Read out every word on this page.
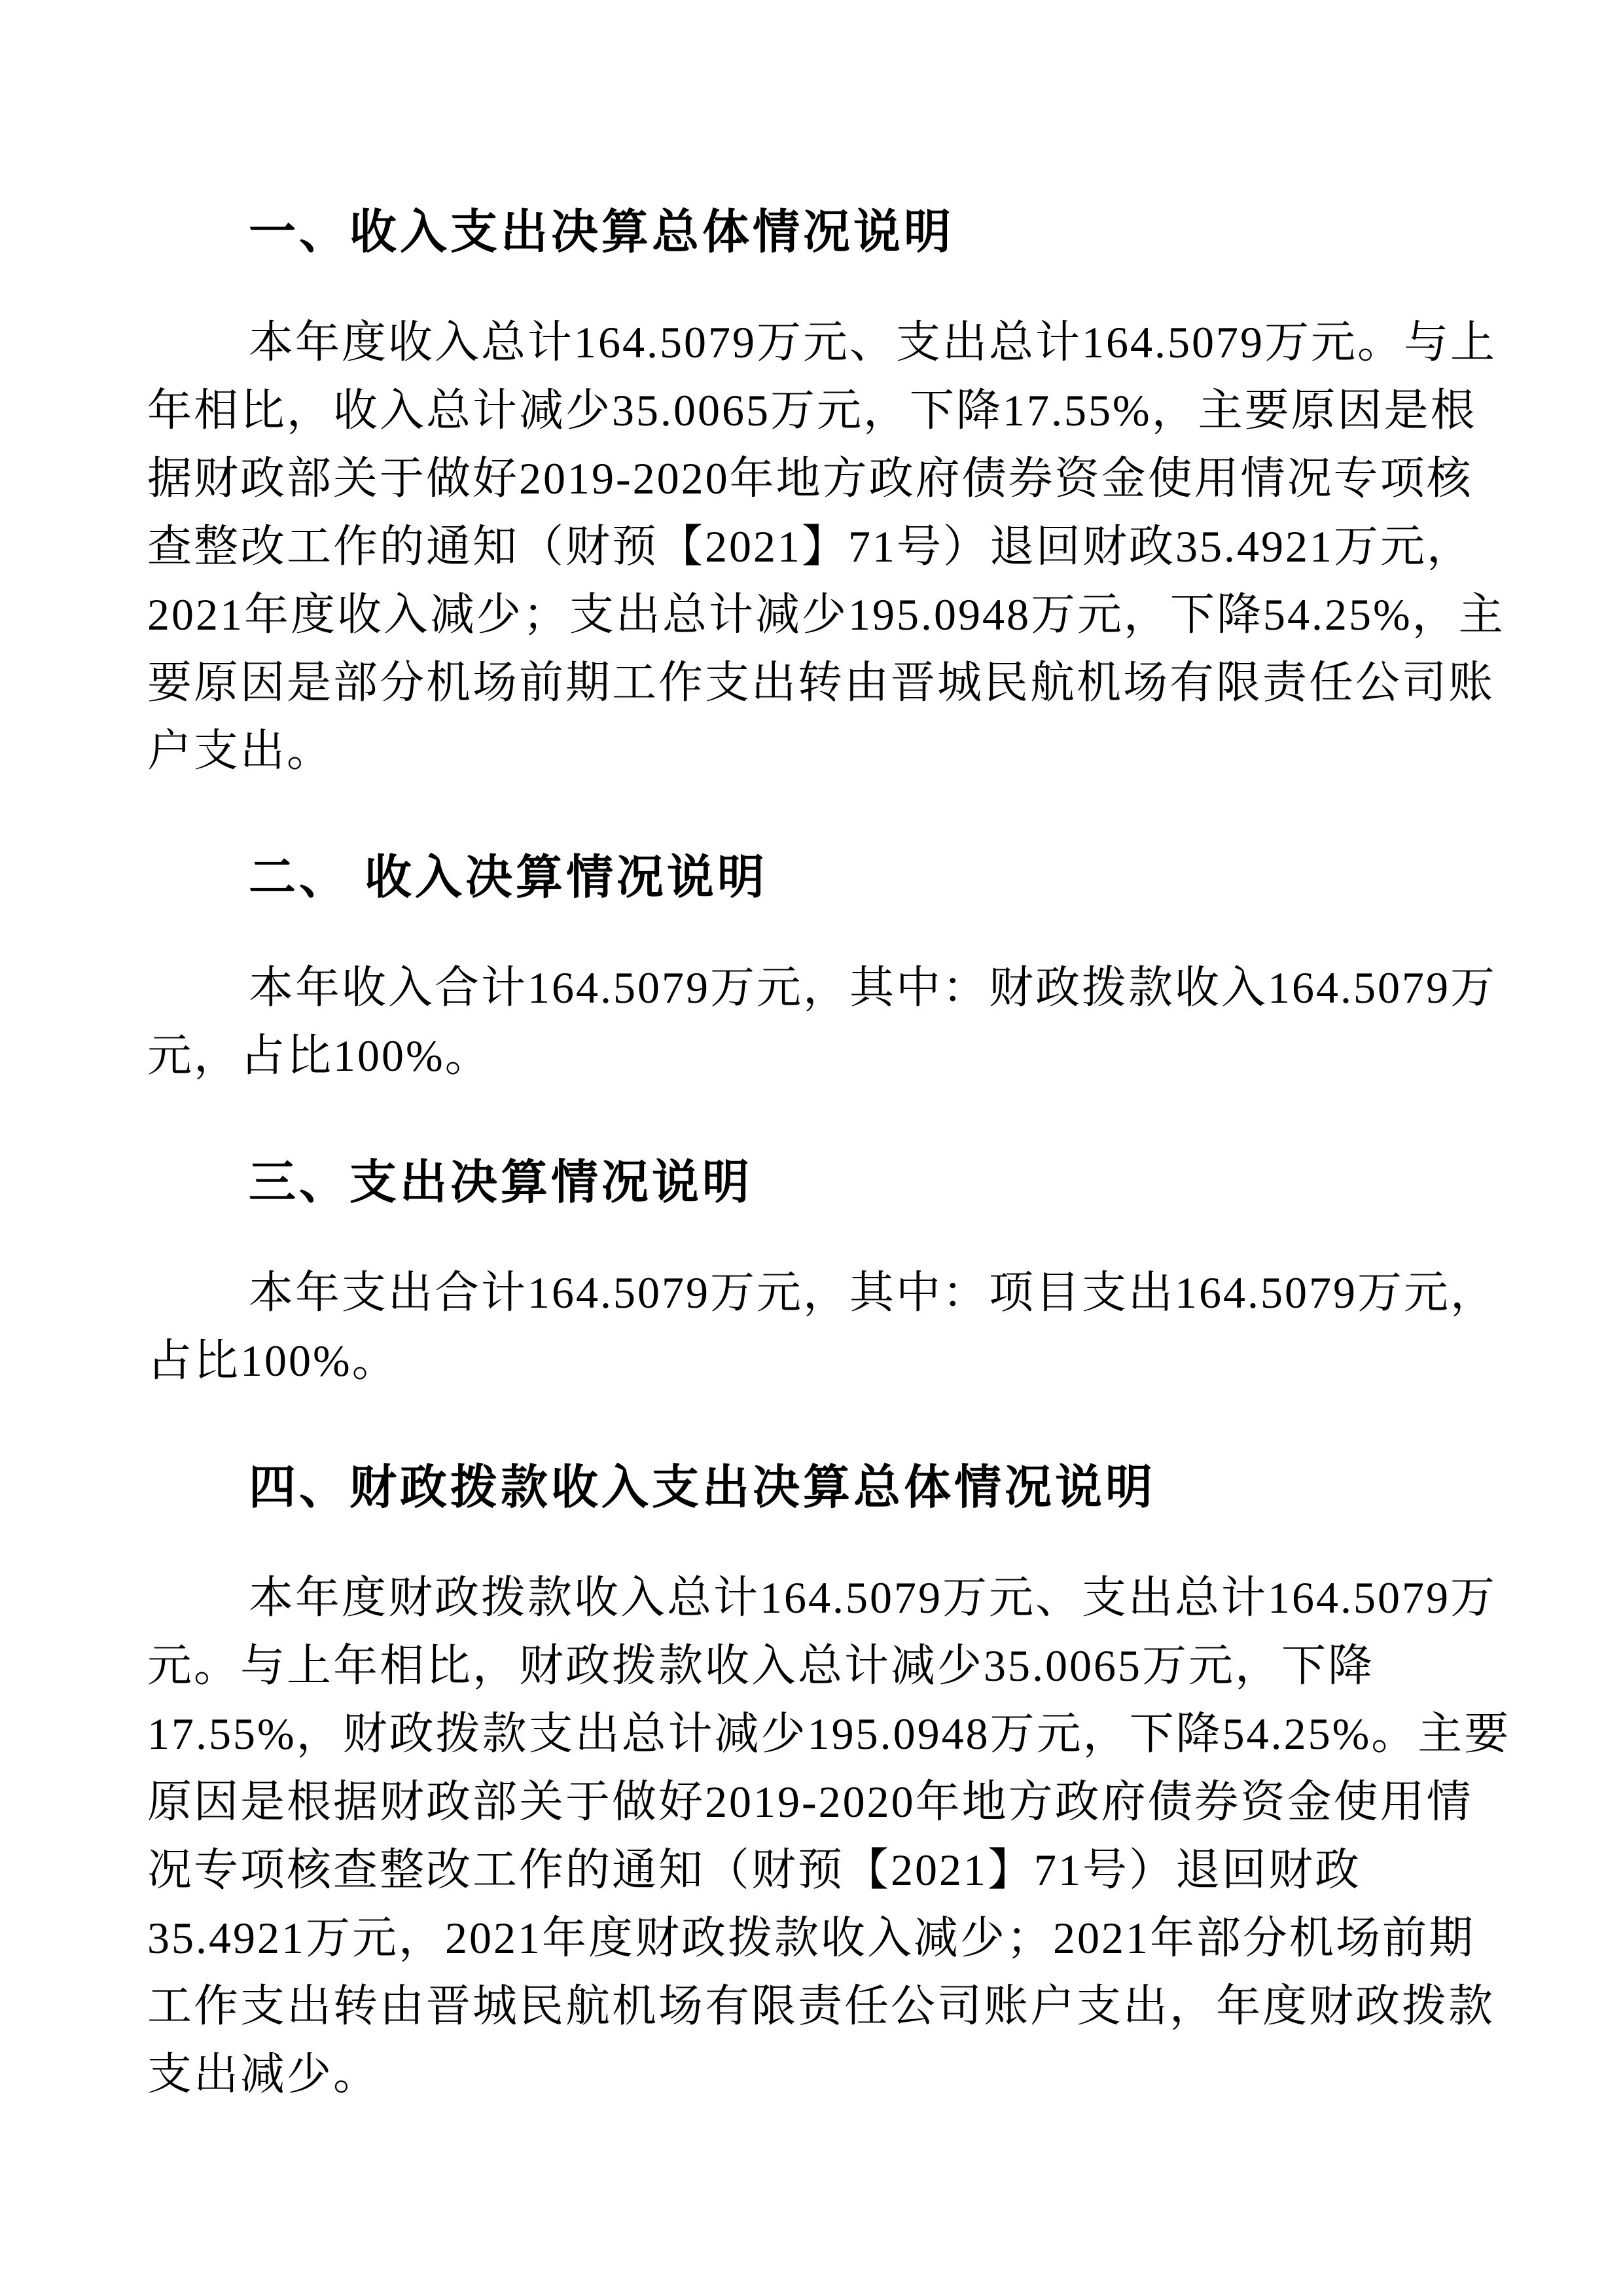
一、收入支出决算总体情况说明
本年度收入总计164.5079万元、支出总计164.5079万元。与上
年相比，收入总计减少35.0065万元，下降17.55%，主要原因是根
据财政部关于做好2019-2020年地方政府债券资金使用情况专项核
查整改工作的通知（财预【2021】71号）退回财政35.4921万元，
2021年度收入减少；支出总计减少195.0948万元，下降54.25%，主
要原因是部分机场前期工作支出转由晋城民航机场有限责任公司账
户支出。
二、 收入决算情况说明
本年收入合计164.5079万元，其中：财政拨款收入164.5079万
元，占比100%。
三、支出决算情况说明
本年支出合计164.5079万元，其中：项目支出164.5079万元，
占比100%。
四、财政拨款收入支出决算总体情况说明
本年度财政拨款收入总计164.5079万元、支出总计164.5079万
元。与上年相比，财政拨款收入总计减少35.0065万元，下降
17.55%，财政拨款支出总计减少195.0948万元，下降54.25%。主要
原因是根据财政部关于做好2019-2020年地方政府债券资金使用情
况专项核查整改工作的通知（财预【2021】71号）退回财政
35.4921万元，2021年度财政拨款收入减少；2021年部分机场前期
工作支出转由晋城民航机场有限责任公司账户支出，年度财政拨款
支出减少。
